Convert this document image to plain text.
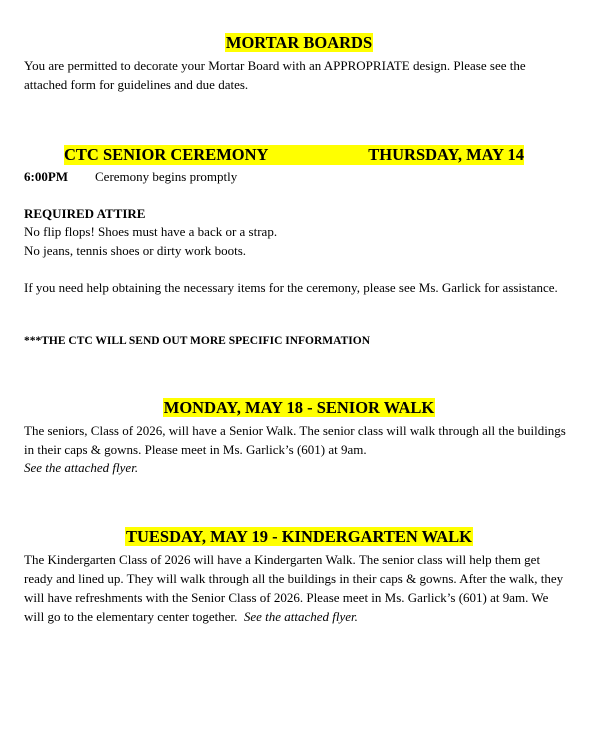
MORTAR BOARDS
You are permitted to decorate your Mortar Board with an APPROPRIATE design. Please see the attached form for guidelines and due dates.
CTC SENIOR CEREMONY	THURSDAY, MAY 14
6:00PM Ceremony begins promptly
REQUIRED ATTIRE
No flip flops! Shoes must have a back or a strap.
No jeans, tennis shoes or dirty work boots.
If you need help obtaining the necessary items for the ceremony, please see Ms. Garlick for assistance.
***THE CTC WILL SEND OUT MORE SPECIFIC INFORMATION
MONDAY, MAY 18 - SENIOR WALK
The seniors, Class of 2026, will have a Senior Walk. The senior class will walk through all the buildings in their caps & gowns. Please meet in Ms. Garlick’s (601) at 9am.
See the attached flyer.
TUESDAY, MAY 19 - KINDERGARTEN WALK
The Kindergarten Class of 2026 will have a Kindergarten Walk. The senior class will help them get ready and lined up. They will walk through all the buildings in their caps & gowns. After the walk, they will have refreshments with the Senior Class of 2026. Please meet in Ms. Garlick’s (601) at 9am. We will go to the elementary center together. See the attached flyer.
